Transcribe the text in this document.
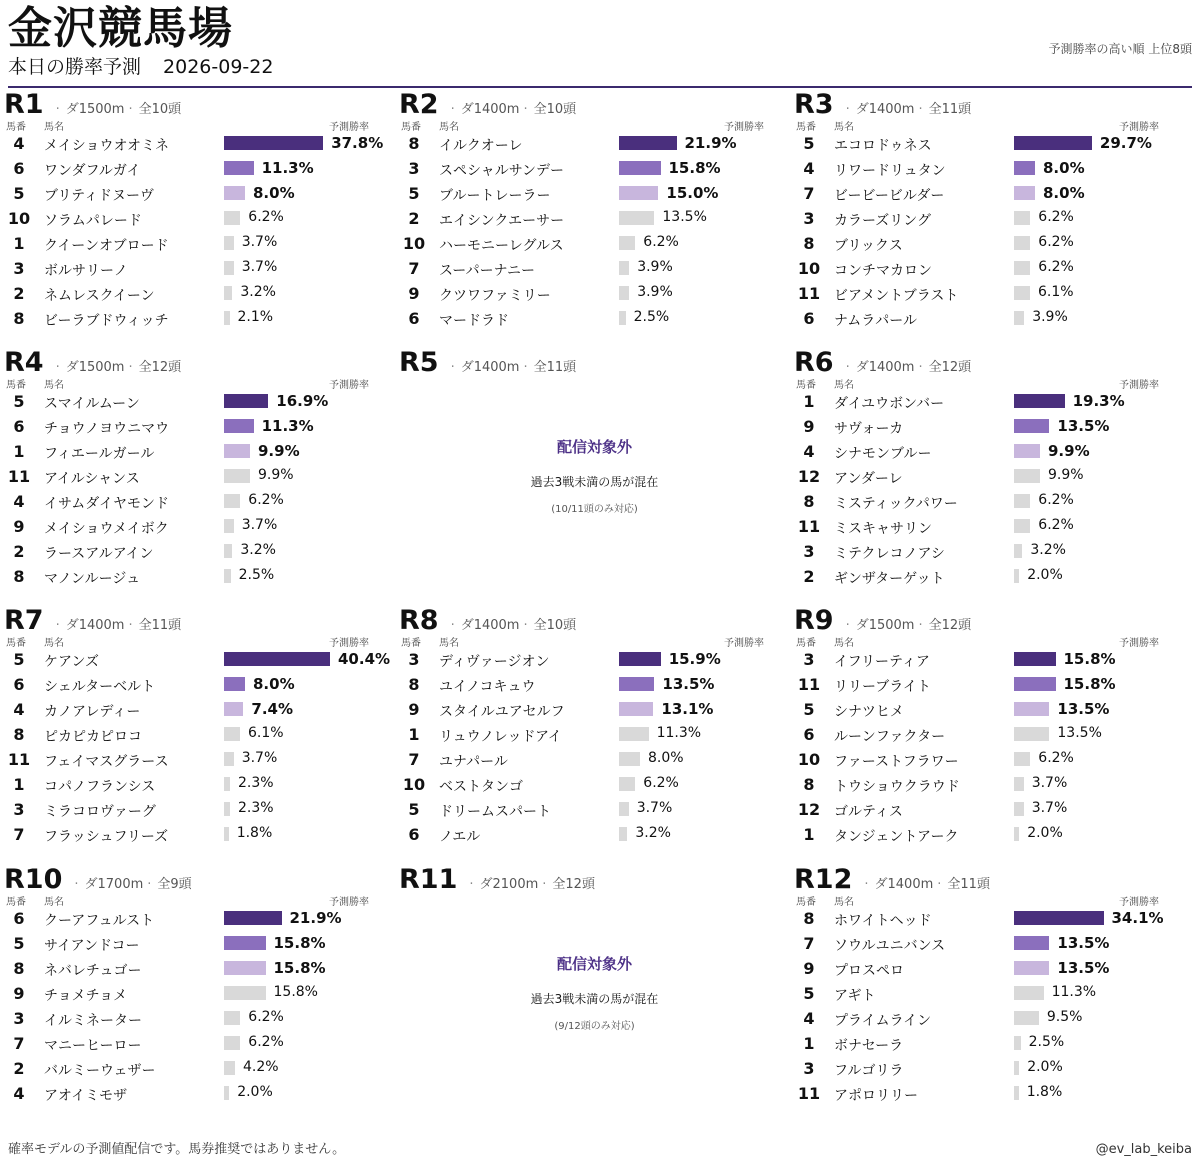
金沢競馬場
本日の勝率予測 2026-09-22
予測勝率の高い順 上位8頭
R1 · ダ1500m · 全10頭
馬番 馬名	予測勝率
4	メイショウオオミネ	37.8%
6	ワンダフルガイ	11.3%
5	ブリティドヌーヴ	8.0%
10 ソラムパレード	6.2%
1	クイーンオブロード	3.7%
3	ボルサリーノ	3.7%
2	ネムレスクイーン	3.2%
8	ビーラブドウィッチ	2.1%
R2 · ダ1400m · 全10頭
馬番 馬名	予測勝率
8	イルクオーレ	21.9%
3	スペシャルサンデー	15.8%
5	ブルートレーラー	15.0%
2	エイシンクエーサー	13.5%
10 ハーモニーレグルス	6.2%
7	スーパーナニー	3.9%
9	クツワファミリー	3.9%
6	マードラド	2.5%
R3 · ダ1400m · 全11頭
馬番 馬名	予測勝率
5	エコロドゥネス	29.7%
4	リワードリュタン	8.0%
7	ビービービルダー	8.0%
3	カラーズリング	6.2%
8	ブリックス	6.2%
10 コンチマカロン	6.2%
11 ビアメントブラスト	6.1%
6	ナムラパール	3.9%
R4 · ダ1500m · 全12頭
馬番 馬名	予測勝率
5	スマイルムーン	16.9%
6	チョウノヨウニマウ	11.3%
1	フィエールガール	9.9%
11 アイルシャンス	9.9%
4	イサムダイヤモンド	6.2%
9	メイショウメイボク	3.7%
2	ラースアルアイン	3.2%
8	マノンルージュ	2.5%
R5 · ダ1400m · 全11頭
配信対象外
過去3戦未満の馬が混在
(10/11頭のみ対応)
R6 · ダ1400m · 全12頭
馬番 馬名	予測勝率
1	ダイユウボンバー	19.3%
9	サヴォーカ	13.5%
4	シナモンブルー	9.9%
12 アンダーレ	9.9%
8	ミスティックパワー	6.2%
11 ミスキャサリン	6.2%
3	ミテクレコノアシ	3.2%
2	ギンザターゲット	2.0%
R7 · ダ1400m · 全11頭
馬番 馬名	予測勝率
5	ケアンズ	40.4%
6	シェルターベルト	8.0%
4	カノアレディー	7.4%
8	ピカピカピロコ	6.1%
11 フェイマスグラース	3.7%
1	コパノフランシス	2.3%
3	ミラコロヴァーグ	2.3%
7	フラッシュフリーズ	1.8%
R8 · ダ1400m · 全10頭
馬番 馬名	予測勝率
3	ディヴァージオン	15.9%
8	ユイノコキュウ	13.5%
9	スタイルユアセルフ	13.1%
1	リュウノレッドアイ	11.3%
7	ユナパール	8.0%
10 ベストタンゴ	6.2%
5	ドリームスパート	3.7%
6	ノエル	3.2%
R9 · ダ1500m · 全12頭
馬番 馬名	予測勝率
3	イフリーティア	15.8%
11 リリーブライト	15.8%
5	シナツヒメ	13.5%
6	ルーンファクター	13.5%
10 ファーストフラワー	6.2%
8	トウショウクラウド	3.7%
12 ゴルティス	3.7%
1	タンジェントアーク	2.0%
R10 · ダ1700m · 全9頭
馬番 馬名	予測勝率
6	クーアフュルスト	21.9%
5	サイアンドコー	15.8%
8	ネバレチュゴー	15.8%
9	チョメチョメ	15.8%
3	イルミネーター	6.2%
7	マニーヒーロー	6.2%
2	バルミーウェザー	4.2%
4	アオイミモザ	2.0%
R11 · ダ2100m · 全12頭
配信対象外
過去3戦未満の馬が混在
(9/12頭のみ対応)
R12 · ダ1400m · 全11頭
馬番 馬名	予測勝率
8	ホワイトヘッド	34.1%
7	ソウルユニバンス	13.5%
9	プロスペロ	13.5%
5	アギト	11.3%
4	プライムライン	9.5%
1	ボナセーラ	2.5%
3	フルゴリラ	2.0%
11 アポロリリー	1.8%
確率モデルの予測値配信です。馬券推奨ではありません。	@ev_lab_keiba
